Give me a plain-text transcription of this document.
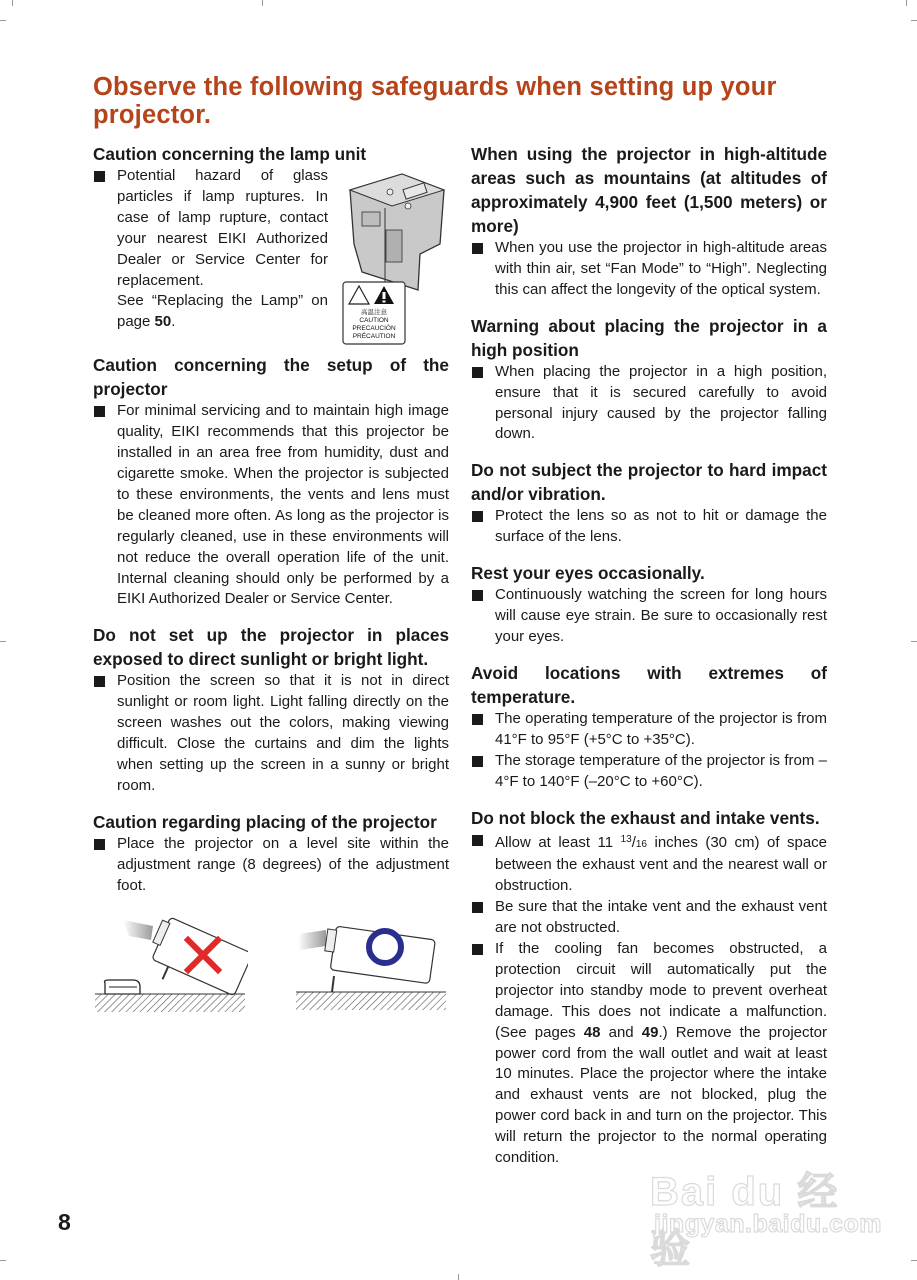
Observe the following safeguards when setting up your projector.
Caution concerning the lamp unit

Potential hazard of glass particles if lamp ruptures. In case of lamp rupture, contact your nearest EIKI Authorized Dealer or Service Center for replacement.
See “Replacing the Lamp” on page 50.

高温注意
CAUTION
PRECAUCIÓN
PRÉCAUTION
Caution concerning the setup of the projector

For minimal servicing and to maintain high image quality, EIKI recommends that this projector be installed in an area free from humidity, dust and cigarette smoke. When the projector is subjected to these environments, the vents and lens must be cleaned more often. As long as the projector is regularly cleaned, use in these environments will not reduce the overall operation life of the unit. Internal cleaning should only be performed by a EIKI Authorized Dealer or Service Center.

Do not set up the projector in places exposed to direct sunlight or bright light.

Position the screen so that it is not in direct sunlight or room light. Light falling directly on the screen washes out the colors, making viewing difficult. Close the curtains and dim the lights when setting up the screen in a sunny or bright room.

Caution regarding placing of the projector

Place the projector on a level site within the adjustment range (8 degrees) of the adjustment foot.

When using the projector in high-altitude areas such as mountains (at altitudes of approximately 4,900 feet (1,500 meters) or more)

When you use the projector in high-altitude areas with thin air, set “Fan Mode” to “High”. Neglecting this can affect the longevity of the optical system.

Warning about placing the projector in a high position

When placing the projector in a high position, ensure that it is secured carefully to avoid personal injury caused by the projector falling down.

Do not subject the projector to hard impact and/or vibration.

Protect the lens so as not to hit or damage the surface of the lens.

Rest your eyes occasionally.

Continuously watching the screen for long hours will cause eye strain. Be sure to occasionally rest your eyes.

Avoid locations with extremes of temperature.

The operating temperature of the projector is from 41°F to 95°F (+5°C to +35°C).

The storage temperature of the projector is from –4°F to 140°F (–20°C to +60°C).

Do not block the exhaust and intake vents.

Allow at least 11 $^{13}$/16 inches (30 cm) of space between the exhaust vent and the nearest wall or obstruction.

Be sure that the intake vent and the exhaust vent are not obstructed.

If the cooling fan becomes obstructed, a protection circuit will automatically put the projector into standby mode to prevent overheat damage. This does not indicate a malfunction. (See pages 48 and 49.) Remove the projector power cord from the wall outlet and wait at least 10 minutes. Place the projector where the intake and exhaust vents are not blocked, plug the power cord back in and turn on the projector. This will return the projector to the normal operating condition.

8
Bai du 经验
jingyan.baidu.com
